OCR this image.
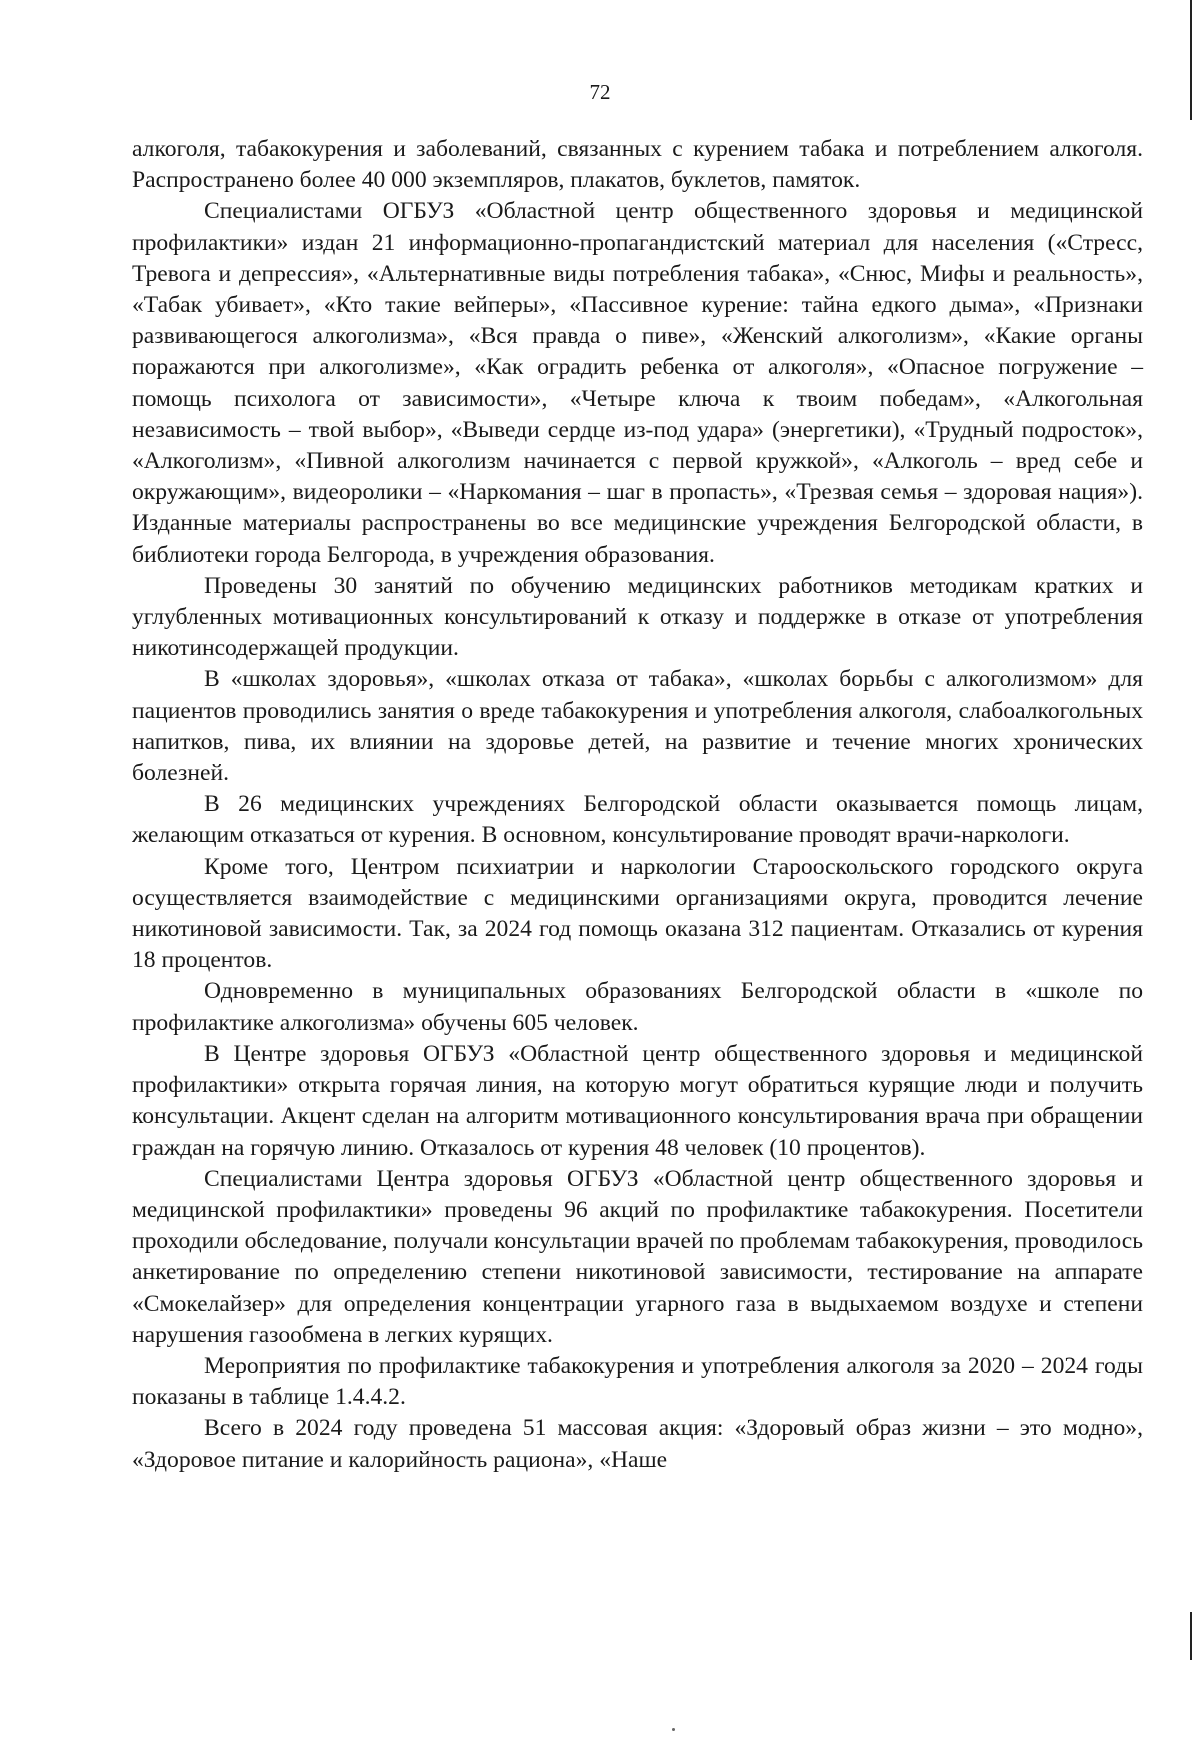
72

алкоголя, табакокурения и заболеваний, связанных с курением табака и потреблением алкоголя. Распространено более 40 000 экземпляров, плакатов, буклетов, памяток.

Специалистами ОГБУЗ «Областной центр общественного здоровья и медицинской профилактики» издан 21 информационно-пропагандистский материал для населения («Стресс, Тревога и депрессия», «Альтернативные виды потребления табака», «Снюс, Мифы и реальность», «Табак убивает», «Кто такие вейперы», «Пассивное курение: тайна едкого дыма», «Признаки развивающегося алкоголизма», «Вся правда о пиве», «Женский алкоголизм», «Какие органы поражаются при алкоголизме», «Как оградить ребенка от алкоголя», «Опасное погружение – помощь психолога от зависимости», «Четыре ключа к твоим победам», «Алкогольная независимость – твой выбор», «Выведи сердце из-под удара» (энергетики), «Трудный подросток», «Алкоголизм», «Пивной алкоголизм начинается с первой кружкой», «Алкоголь – вред себе и окружающим», видеоролики – «Наркомания – шаг в пропасть», «Трезвая семья – здоровая нация»). Изданные материалы распространены во все медицинские учреждения Белгородской области, в библиотеки города Белгорода, в учреждения образования.

Проведены 30 занятий по обучению медицинских работников методикам кратких и углубленных мотивационных консультирований к отказу и поддержке в отказе от употребления никотинсодержащей продукции.

В «школах здоровья», «школах отказа от табака», «школах борьбы с алкоголизмом» для пациентов проводились занятия о вреде табакокурения и употребления алкоголя, слабоалкогольных напитков, пива, их влиянии на здоровье детей, на развитие и течение многих хронических болезней.

В 26 медицинских учреждениях Белгородской области оказывается помощь лицам, желающим отказаться от курения. В основном, консультирование проводят врачи-наркологи.

Кроме того, Центром психиатрии и наркологии Старооскольского городского округа осуществляется взаимодействие с медицинскими организациями округа, проводится лечение никотиновой зависимости. Так, за 2024 год помощь оказана 312 пациентам. Отказались от курения 18 процентов.

Одновременно в муниципальных образованиях Белгородской области в «школе по профилактике алкоголизма» обучены 605 человек.

В Центре здоровья ОГБУЗ «Областной центр общественного здоровья и медицинской профилактики» открыта горячая линия, на которую могут обратиться курящие люди и получить консультации. Акцент сделан на алгоритм мотивационного консультирования врача при обращении граждан на горячую линию. Отказалось от курения 48 человек (10 процентов).

Специалистами Центра здоровья ОГБУЗ «Областной центр общественного здоровья и медицинской профилактики» проведены 96 акций по профилактике табакокурения. Посетители проходили обследование, получали консультации врачей по проблемам табакокурения, проводилось анкетирование по определению степени никотиновой зависимости, тестирование на аппарате «Смокелайзер» для определения концентрации угарного газа в выдыхаемом воздухе и степени нарушения газообмена в легких курящих.

Мероприятия по профилактике табакокурения и употребления алкоголя за 2020 – 2024 годы показаны в таблице 1.4.4.2.

Всего в 2024 году проведена 51 массовая акция: «Здоровый образ жизни – это модно», «Здоровое питание и калорийность рациона», «Наше
